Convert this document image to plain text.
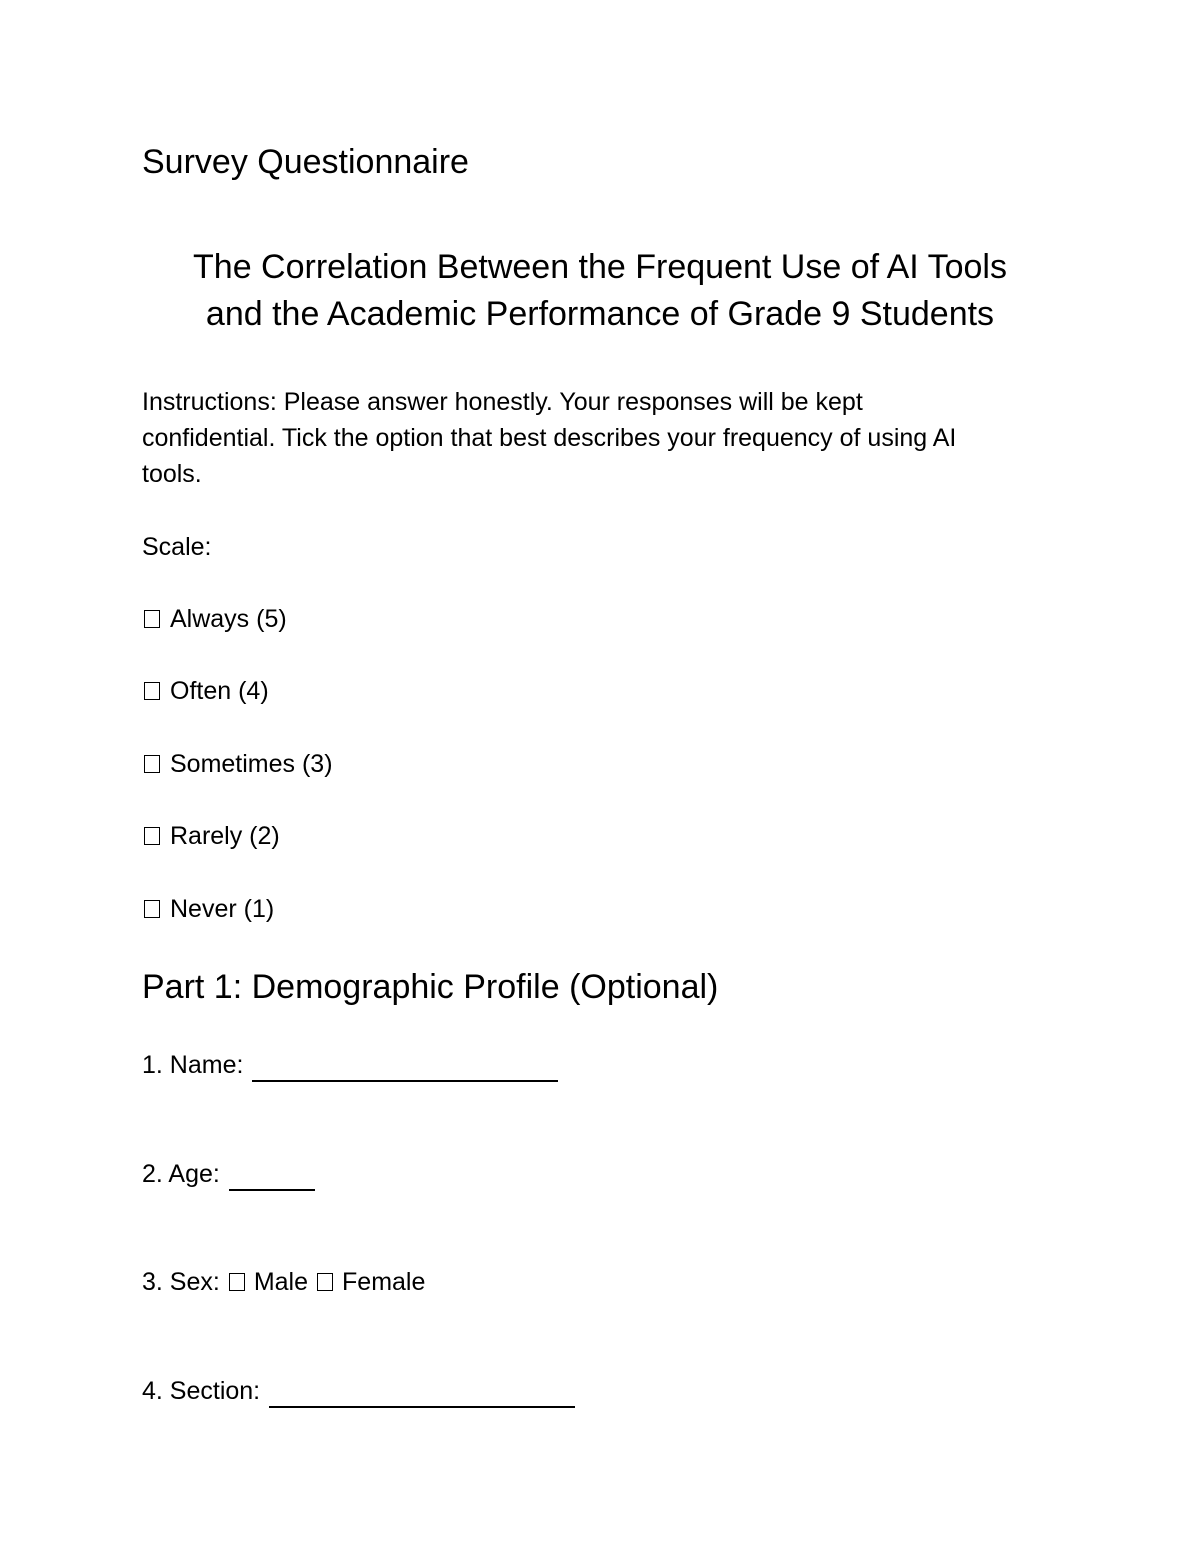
Survey Questionnaire
The Correlation Between the Frequent Use of AI Tools
and the Academic Performance of Grade 9 Students
Instructions: Please answer honestly. Your responses will be kept
confidential. Tick the option that best describes your frequency of using AI
tools.
Scale:
Always (5)
Often (4)
Sometimes (3)
Rarely (2)
Never (1)
Part 1: Demographic Profile (Optional)
1. Name:
2. Age:
3. Sex: Male Female
4. Section:
